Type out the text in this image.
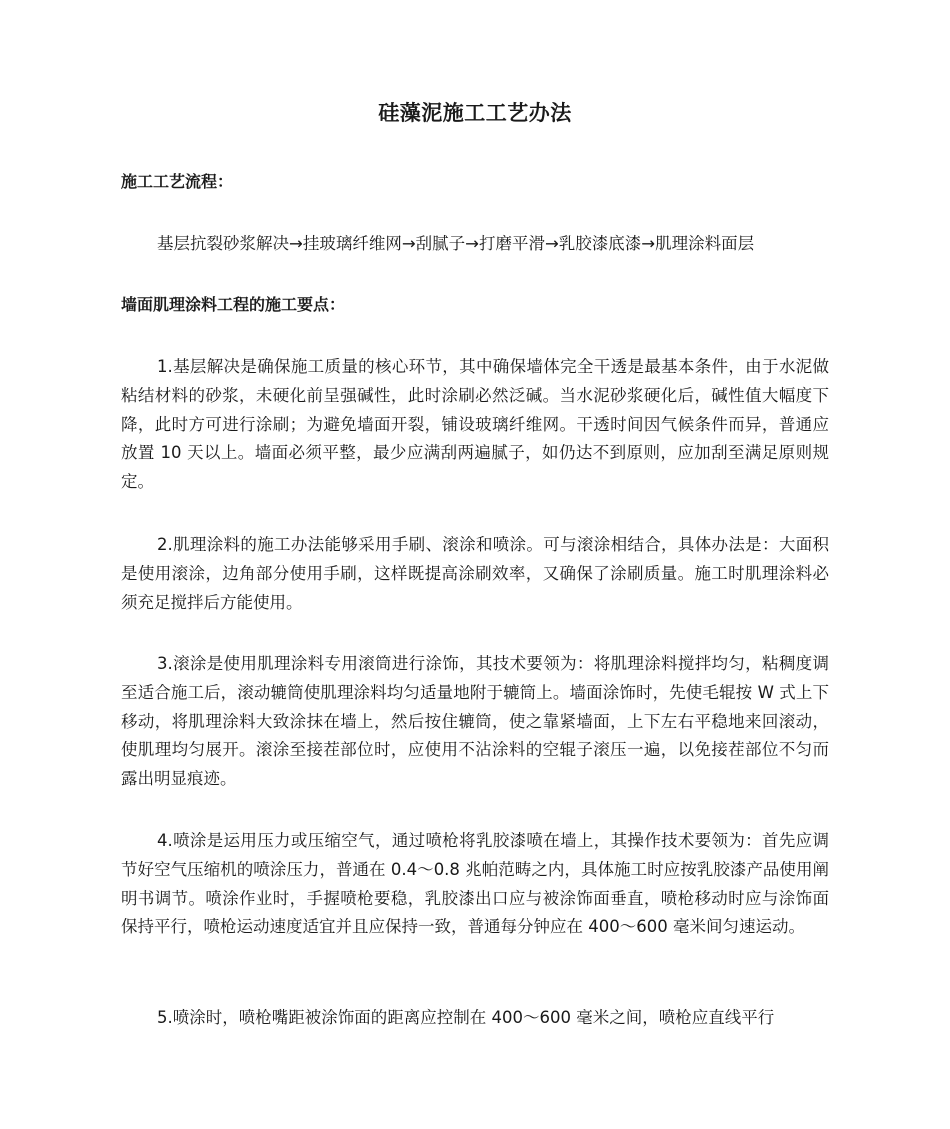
硅藻泥施工工艺办法
施工工艺流程：
基层抗裂砂浆解决→挂玻璃纤维网→刮腻子→打磨平滑→乳胶漆底漆→肌理涂料面层
墙面肌理涂料工程的施工要点：

1.基层解决是确保施工质量的核心环节，其中确保墙体完全干透是最基本条件，由于水泥做粘结材料的砂浆，未硬化前呈强碱性，此时涂刷必然泛碱。当水泥砂浆硬化后，碱性值大幅度下降，此时方可进行涂刷；为避免墙面开裂，铺设玻璃纤维网。干透时间因气候条件而异，普通应放置 10 天以上。墙面必须平整，最少应满刮两遍腻子，如仍达不到原则，应加刮至满足原则规定。

2.肌理涂料的施工办法能够采用手刷、滚涂和喷涂。可与滚涂相结合，具体办法是：大面积是使用滚涂，边角部分使用手刷，这样既提高涂刷效率，又确保了涂刷质量。施工时肌理涂料必须充足搅拌后方能使用。

3.滚涂是使用肌理涂料专用滚筒进行涂饰，其技术要领为：将肌理涂料搅拌均匀，粘稠度调至适合施工后，滚动辘筒使肌理涂料均匀适量地附于辘筒上。墙面涂饰时，先使毛辊按 W 式上下移动，将肌理涂料大致涂抹在墙上，然后按住辘筒，使之靠紧墙面，上下左右平稳地来回滚动，使肌理均匀展开。滚涂至接茬部位时，应使用不沾涂料的空辊子滚压一遍，以免接茬部位不匀而露出明显痕迹。

4.喷涂是运用压力或压缩空气，通过喷枪将乳胶漆喷在墙上，其操作技术要领为：首先应调节好空气压缩机的喷涂压力，普通在 0.4～0.8 兆帕范畴之内，具体施工时应按乳胶漆产品使用阐明书调节。喷涂作业时，手握喷枪要稳，乳胶漆出口应与被涂饰面垂直，喷枪移动时应与涂饰面保持平行，喷枪运动速度适宜并且应保持一致，普通每分钟应在 400～600 毫米间匀速运动。

5.喷涂时，喷枪嘴距被涂饰面的距离应控制在 400～600 毫米之间，喷枪应直线平行
